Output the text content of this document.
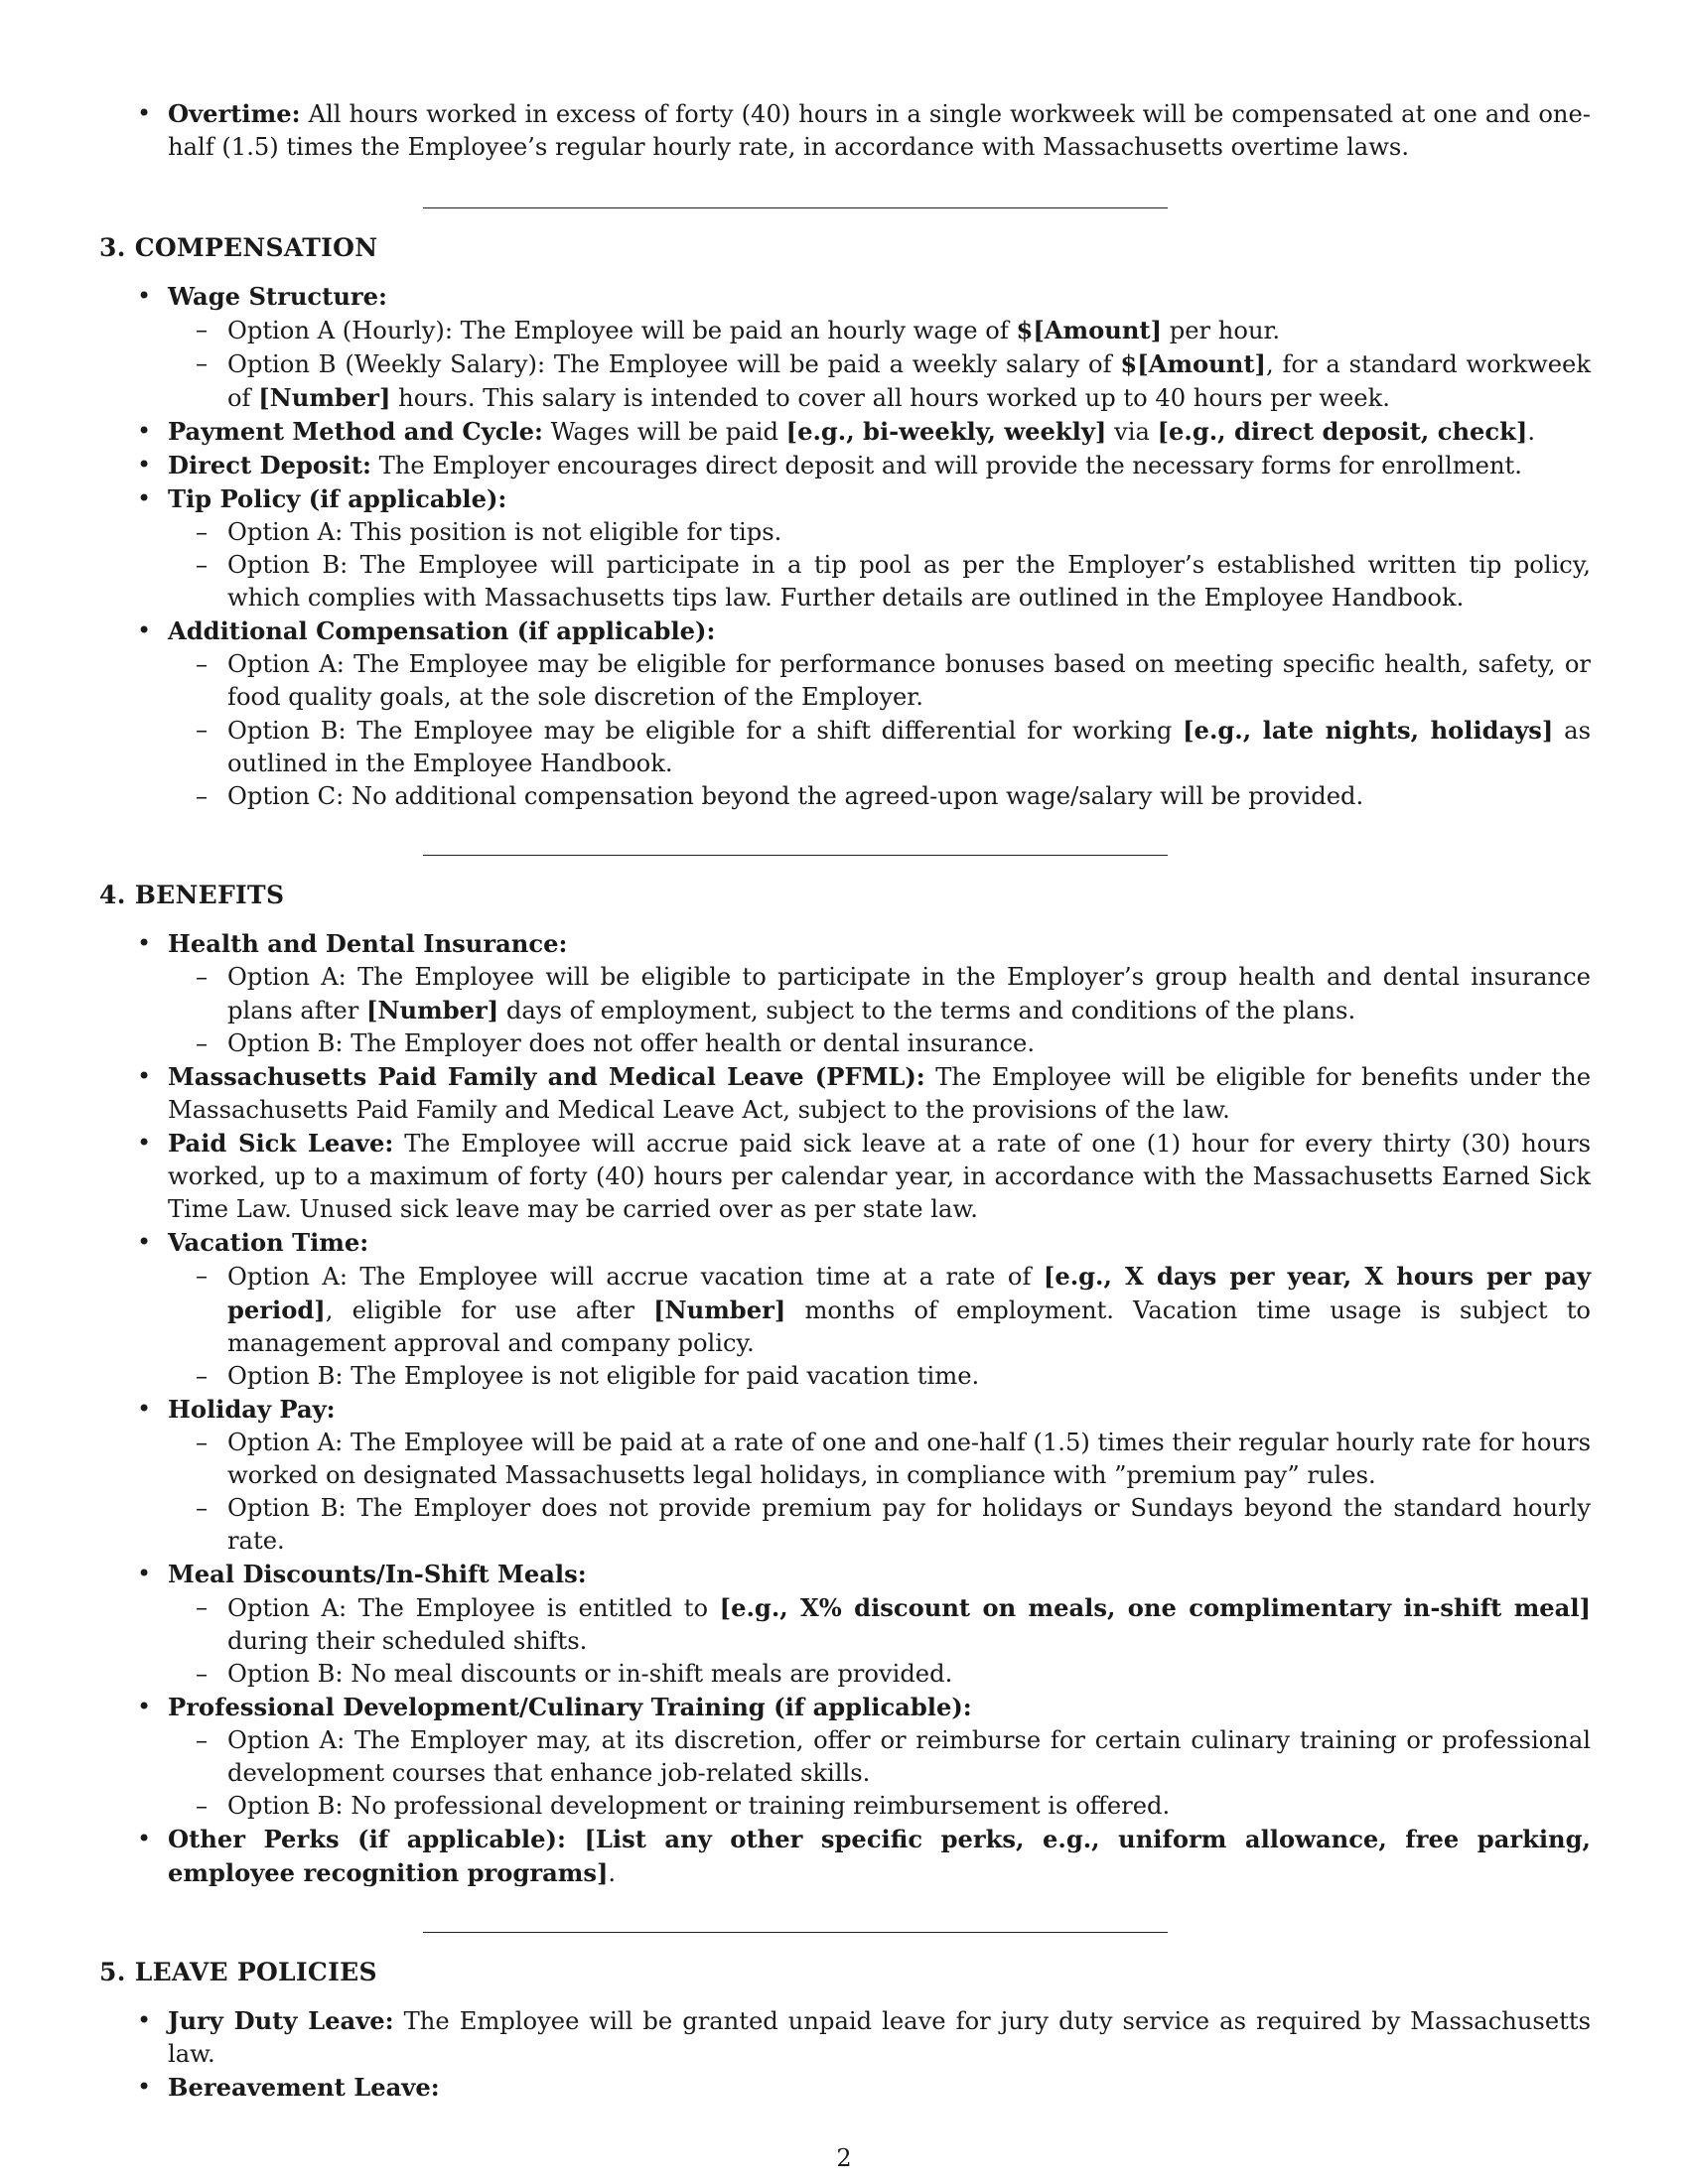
• Overtime: All hours worked in excess of forty (40) hours in a single workweek will be compensated at one and one-half (1.5) times the Employee’s regular hourly rate, in accordance with Massachusetts overtime laws.
3. COMPENSATION
• Wage Structure:
– Option A (Hourly): The Employee will be paid an hourly wage of $[Amount] per hour.
– Option B (Weekly Salary): The Employee will be paid a weekly salary of $[Amount], for a standard workweek of [Number] hours. This salary is intended to cover all hours worked up to 40 hours per week.
• Payment Method and Cycle: Wages will be paid [e.g., bi-weekly, weekly] via [e.g., direct deposit, check].
• Direct Deposit: The Employer encourages direct deposit and will provide the necessary forms for enrollment.
• Tip Policy (if applicable):
– Option A: This position is not eligible for tips.
– Option B: The Employee will participate in a tip pool as per the Employer’s established written tip policy, which complies with Massachusetts tips law. Further details are outlined in the Employee Handbook.
• Additional Compensation (if applicable):
– Option A: The Employee may be eligible for performance bonuses based on meeting specific health, safety, or food quality goals, at the sole discretion of the Employer.
– Option B: The Employee may be eligible for a shift differential for working [e.g., late nights, holidays] as outlined in the Employee Handbook.
– Option C: No additional compensation beyond the agreed-upon wage/salary will be provided.
4. BENEFITS
• Health and Dental Insurance:
– Option A: The Employee will be eligible to participate in the Employer’s group health and dental insurance plans after [Number] days of employment, subject to the terms and conditions of the plans.
– Option B: The Employer does not offer health or dental insurance.
• Massachusetts Paid Family and Medical Leave (PFML): The Employee will be eligible for benefits under the Massachusetts Paid Family and Medical Leave Act, subject to the provisions of the law.
• Paid Sick Leave: The Employee will accrue paid sick leave at a rate of one (1) hour for every thirty (30) hours worked, up to a maximum of forty (40) hours per calendar year, in accordance with the Massachusetts Earned Sick Time Law. Unused sick leave may be carried over as per state law.
• Vacation Time:
– Option A: The Employee will accrue vacation time at a rate of [e.g., X days per year, X hours per pay period], eligible for use after [Number] months of employment. Vacation time usage is subject to management approval and company policy.
– Option B: The Employee is not eligible for paid vacation time.
• Holiday Pay:
– Option A: The Employee will be paid at a rate of one and one-half (1.5) times their regular hourly rate for hours worked on designated Massachusetts legal holidays, in compliance with ”premium pay” rules.
– Option B: The Employer does not provide premium pay for holidays or Sundays beyond the standard hourly rate.
• Meal Discounts/In-Shift Meals:
– Option A: The Employee is entitled to [e.g., X% discount on meals, one complimentary in-shift meal] during their scheduled shifts.
– Option B: No meal discounts or in-shift meals are provided.
• Professional Development/Culinary Training (if applicable):
– Option A: The Employer may, at its discretion, offer or reimburse for certain culinary training or professional development courses that enhance job-related skills.
– Option B: No professional development or training reimbursement is offered.
• Other Perks (if applicable): [List any other specific perks, e.g., uniform allowance, free parking, employee recognition programs].
5. LEAVE POLICIES
• Jury Duty Leave: The Employee will be granted unpaid leave for jury duty service as required by Massachusetts law.
• Bereavement Leave:
2
